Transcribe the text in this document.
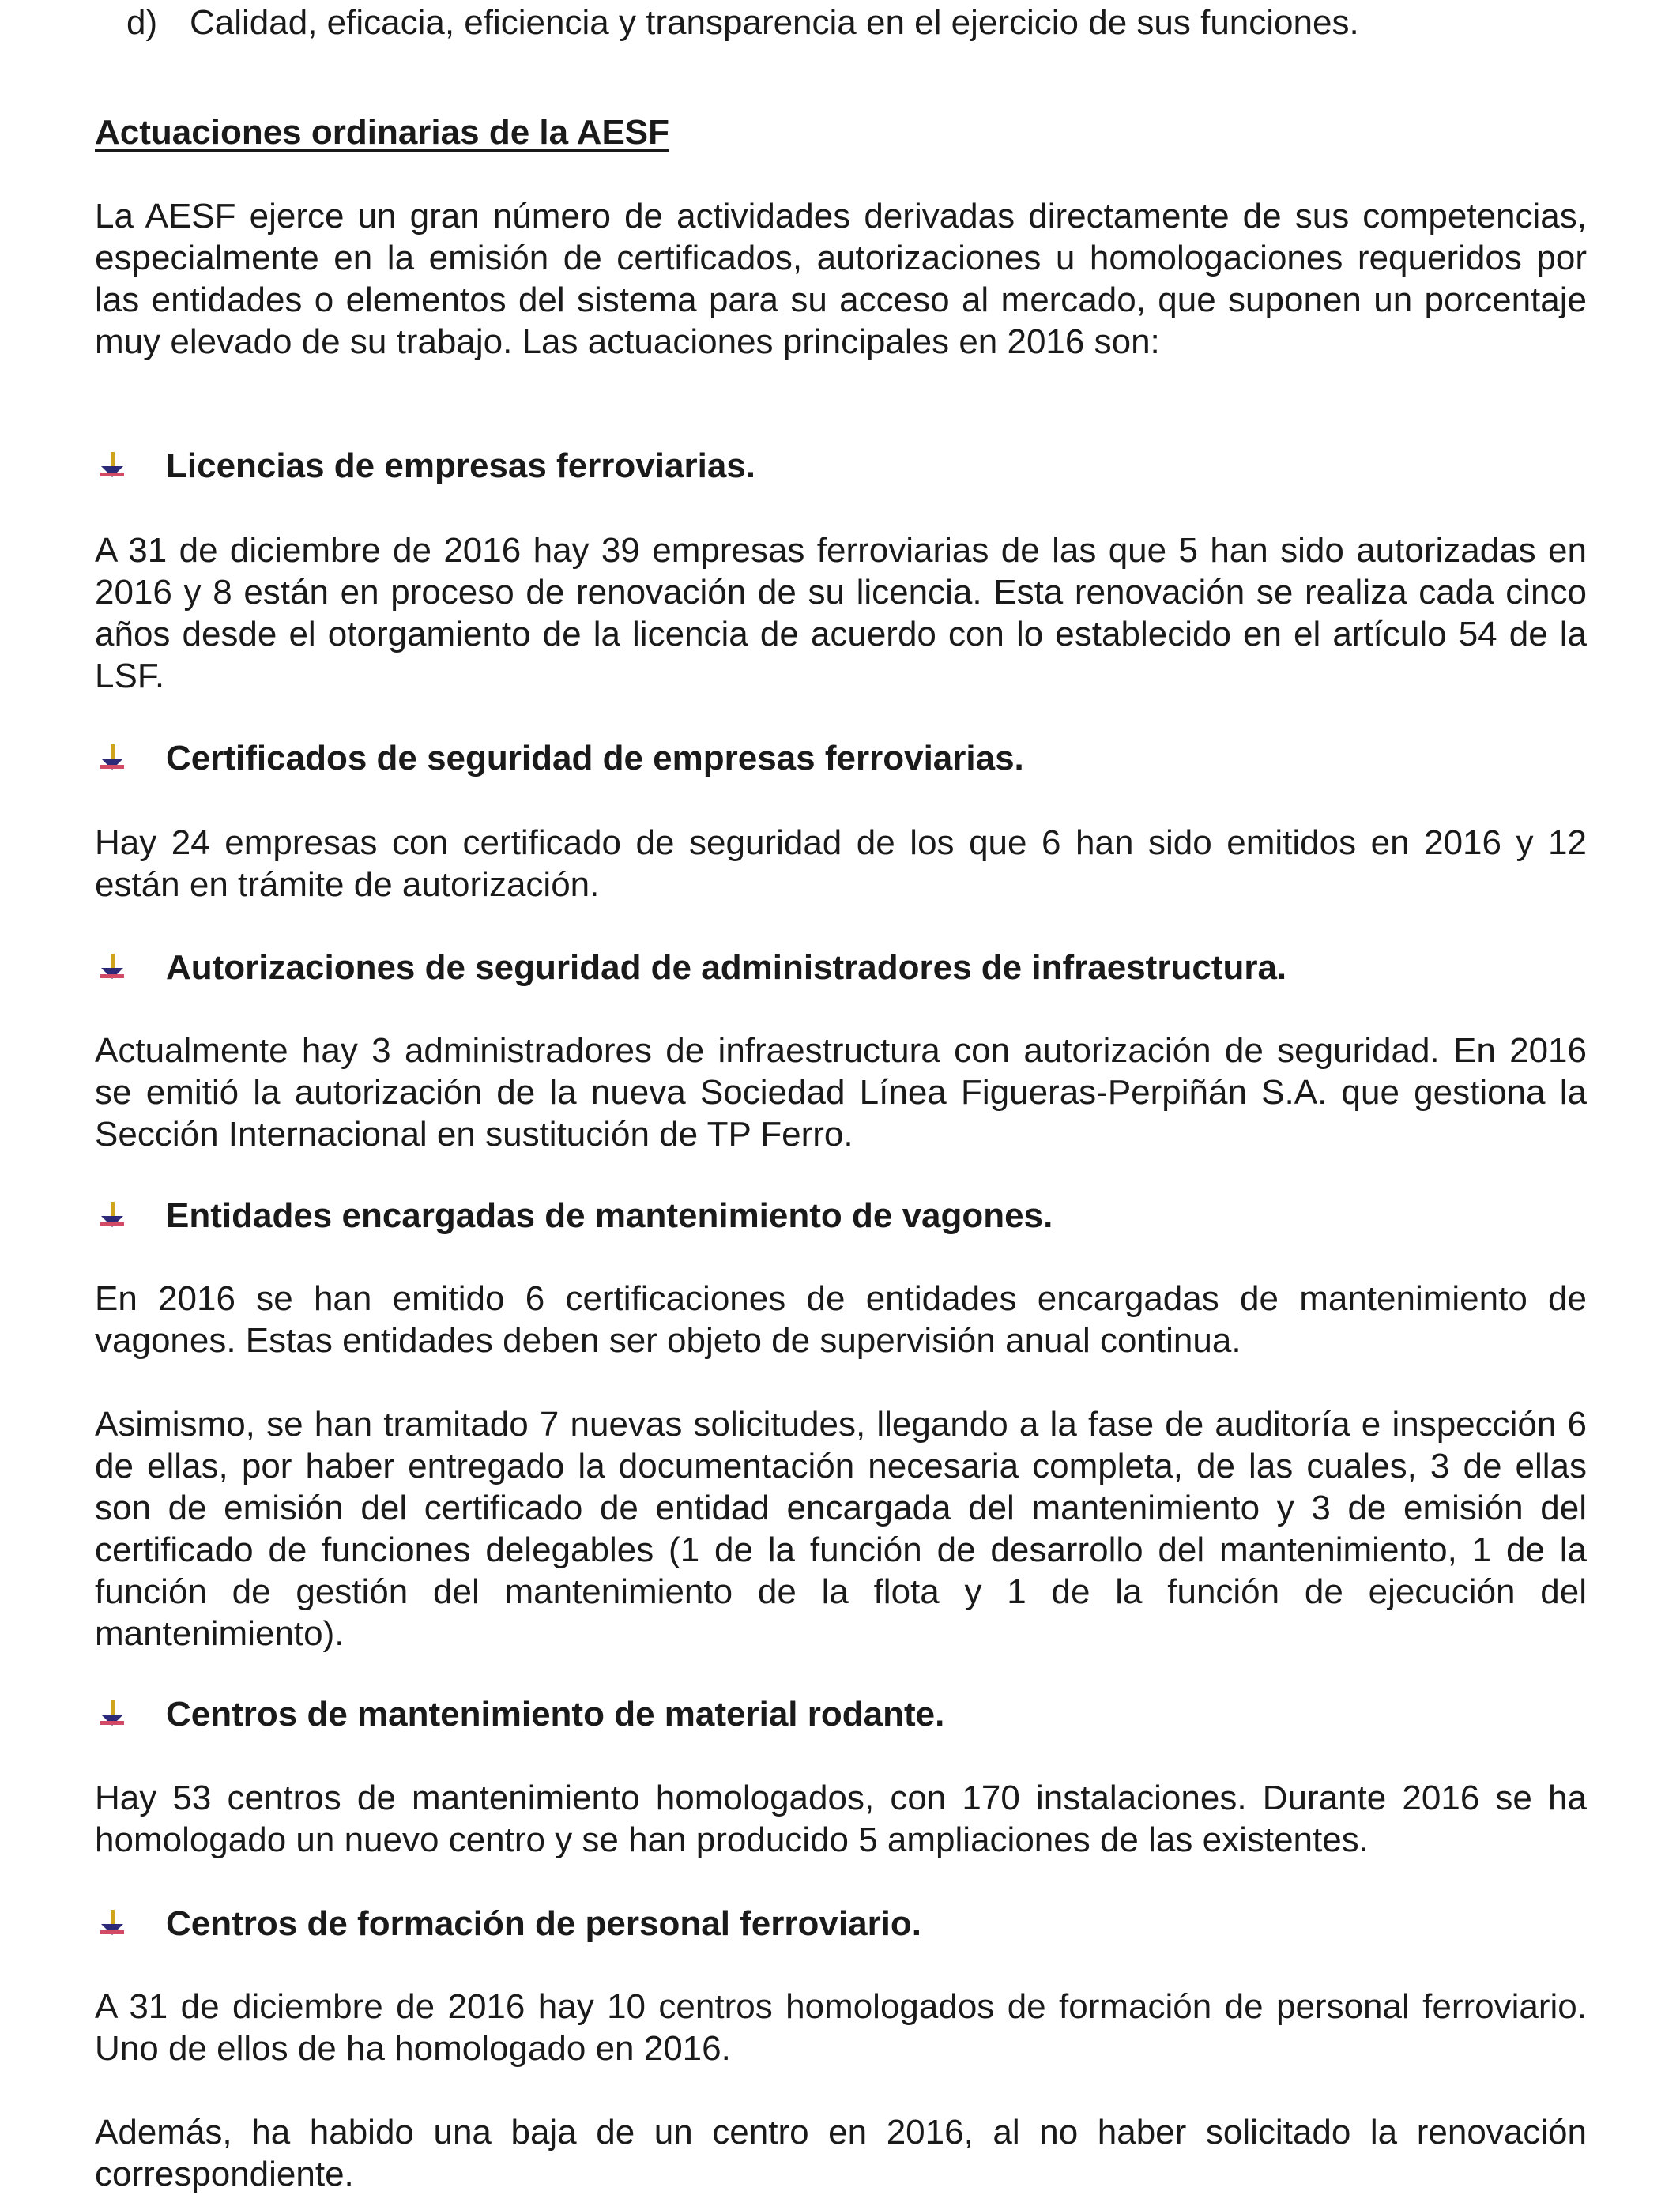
d) Calidad, eficacia, eficiencia y transparencia en el ejercicio de sus funciones.

Actuaciones ordinarias de la AESF

La AESF ejerce un gran número de actividades derivadas directamente de sus competencias, especialmente en la emisión de certificados, autorizaciones u homologaciones requeridos por las entidades o elementos del sistema para su acceso al mercado, que suponen un porcentaje muy elevado de su trabajo. Las actuaciones principales en 2016 son:

Licencias de empresas ferroviarias.

A 31 de diciembre de 2016 hay 39 empresas ferroviarias de las que 5 han sido autorizadas en 2016 y 8 están en proceso de renovación de su licencia. Esta renovación se realiza cada cinco años desde el otorgamiento de la licencia de acuerdo con lo establecido en el artículo 54 de la LSF.

Certificados de seguridad de empresas ferroviarias.

Hay 24 empresas con certificado de seguridad de los que 6 han sido emitidos en 2016 y 12 están en trámite de autorización.

Autorizaciones de seguridad de administradores de infraestructura.

Actualmente hay 3 administradores de infraestructura con autorización de seguridad. En 2016 se emitió la autorización de la nueva Sociedad Línea Figueras-Perpiñán S.A. que gestiona la Sección Internacional en sustitución de TP Ferro.

Entidades encargadas de mantenimiento de vagones.

En 2016 se han emitido 6 certificaciones de entidades encargadas de mantenimiento de vagones. Estas entidades deben ser objeto de supervisión anual continua.

Asimismo, se han tramitado 7 nuevas solicitudes, llegando a la fase de auditoría e inspección 6 de ellas, por haber entregado la documentación necesaria completa, de las cuales, 3 de ellas son de emisión del certificado de entidad encargada del mantenimiento y 3 de emisión del certificado de funciones delegables (1 de la función de desarrollo del mantenimiento, 1 de la función de gestión del mantenimiento de la flota y 1 de la función de ejecución del mantenimiento).

Centros de mantenimiento de material rodante.

Hay 53 centros de mantenimiento homologados, con 170 instalaciones. Durante 2016 se ha homologado un nuevo centro y se han producido 5 ampliaciones de las existentes.

Centros de formación de personal ferroviario.

A 31 de diciembre de 2016 hay 10 centros homologados de formación de personal ferroviario. Uno de ellos de ha homologado en 2016.

Además, ha habido una baja de un centro en 2016, al no haber solicitado la renovación correspondiente.
